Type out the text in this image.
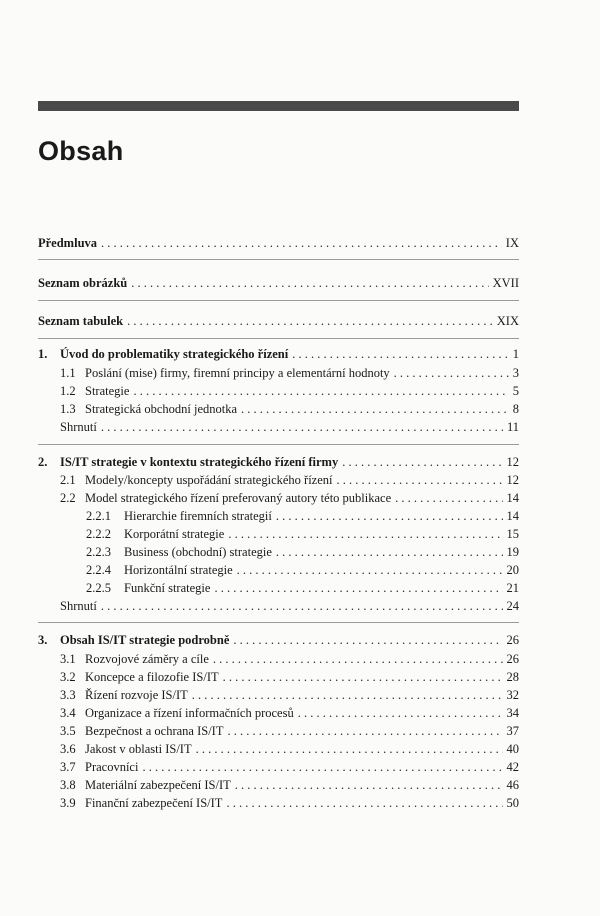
Obsah
Předmluva . . .	IX
Seznam obrázků . . .	XVII
Seznam tabulek . . .	XIX
1.	Úvod do problematiky strategického řízení . . .	1
1.1 Poslání (mise) firmy, firemní principy a elementární hodnoty . . .	3
1.2 Strategie . . .	5
1.3 Strategická obchodní jednotka . . .	8
Shrnutí . . .	11
2.	IS/IT strategie v kontextu strategického řízení firmy . . .	12
2.1 Modely/koncepty uspořádání strategického řízení . . .	12
2.2 Model strategického řízení preferovaný autory této publikace . . .	14
2.2.1	Hierarchie firemních strategií . . .	14
2.2.2	Korporátní strategie . . .	15
2.2.3	Business (obchodní) strategie . . .	19
2.2.4	Horizontální strategie . . .	20
2.2.5	Funkční strategie . . .	21
Shrnutí . . .	24
3.	Obsah IS/IT strategie podrobně . . .	26
3.1 Rozvojové záměry a cíle . . .	26
3.2 Koncepce a filozofie IS/IT . . .	28
3.3 Řízení rozvoje IS/IT . . .	32
3.4 Organizace a řízení informačních procesů . . .	34
3.5 Bezpečnost a ochrana IS/IT . . .	37
3.6 Jakost v oblasti IS/IT . . .	40
3.7 Pracovníci . . .	42
3.8 Materiální zabezpečení IS/IT . . .	46
3.9 Finanční zabezpečení IS/IT . . .	50
